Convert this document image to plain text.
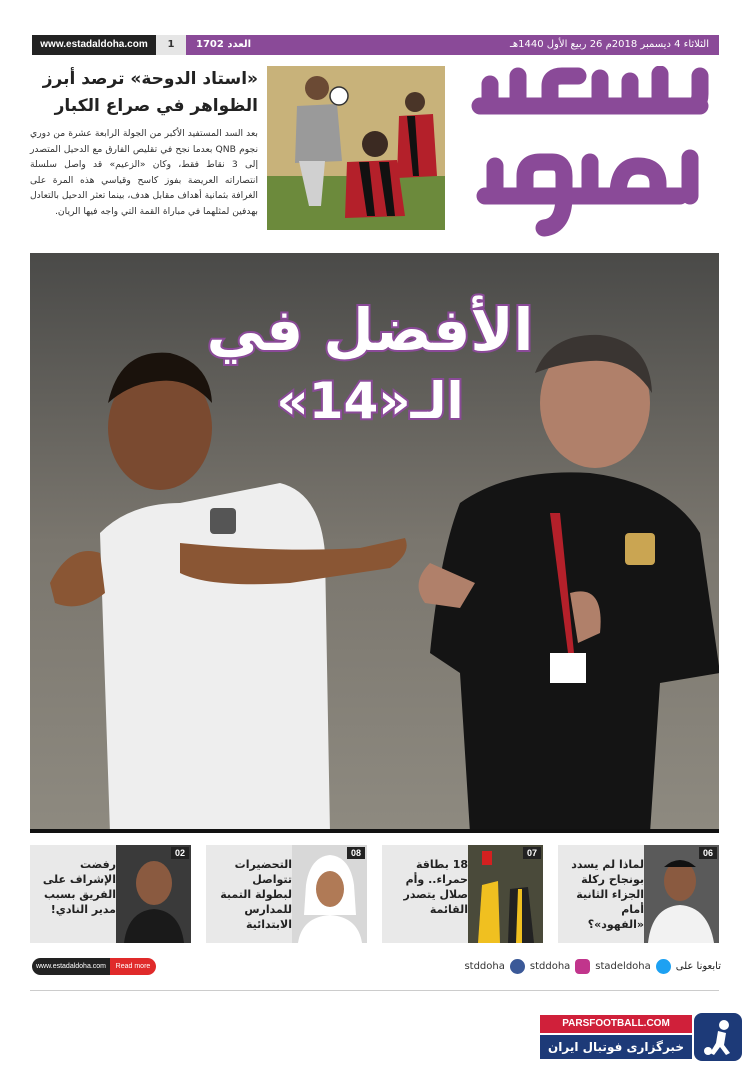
www.estadaldoha.com	1	الثلاثاء 4 ديسمبر 2018م 26 ربيع الأول 1440هـ
العدد 1702
«استاد الدوحة» ترصد أبرز الظواهر في صراع الكبار
بعد السد المستفيد الأكبر من الجولة الرابعة عشرة من دوري نجوم QNB بعدما نجح في تقليص الفارق مع الدحيل المتصدر إلى 3 نقاط فقط، وكان «الزعيم» قد واصل سلسلة انتصاراته العريضة بفوز كاسح وقياسي هذه المرة على الغرافة بثمانية أهداف مقابل هدف، بينما تعثر الدحيل بالتعادل بهدفين لمثلهما في مباراة القمة التي واجه فيها الريان.
الأفضل في
الـ«14»
02
رفضت الإشراف على الفريق بسبب مدير النادي!
08
التحضيرات تتواصل لبطولة التمبة للمدارس الابتدائية
07
18 بطاقة حمراء.. وأم صلال يتصدر القائمة
06
لماذا لم يسدد بونجاح ركلة الجزاء الثانية أمام «الفهود»؟
www.estadaldoha.com	Read more	stddoha	stddoha	stadeldoha	تابعونا على
PARSFOOTBALL.COM
خبرگزاری فوتبال ایران
